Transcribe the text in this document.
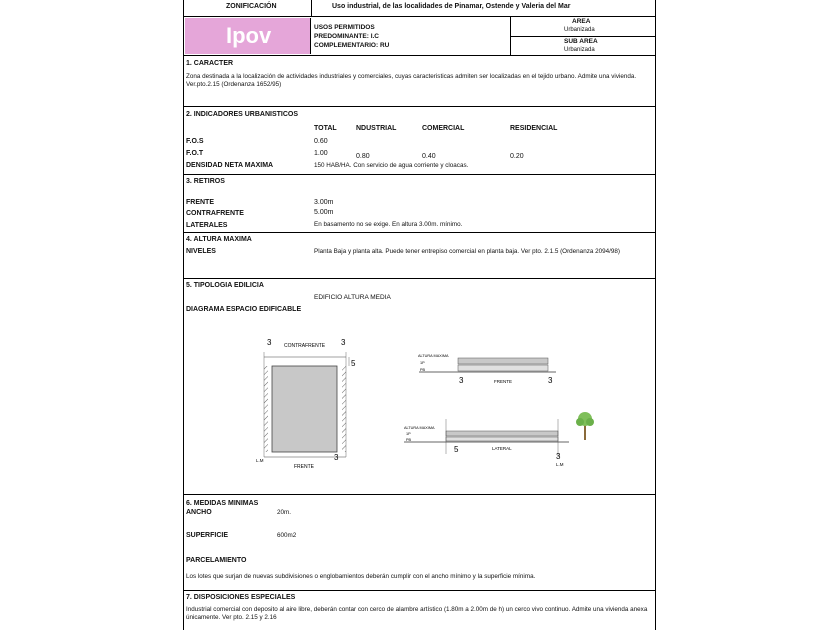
ZONIFICACIÓN	Uso industrial, de las localidades de Pinamar, Ostende y Valeria del Mar
Ipov	USOS PERMITIDOS
PREDOMINANTE: I.C
COMPLEMENTARIO: RU
AREA
Urbanizada
SUB AREA
Urbanizada
1. CARACTER
Zona destinada a la localización de actividades industriales y comerciales, cuyas caracteristicas admiten ser localizadas en el tejido urbano. Admite una vivienda. Ver.pto.2.15 (Ordenanza 1652/95)
2. INDICADORES URBANISTICOS
TOTAL	NDUSTRIAL	COMERCIAL	RESIDENCIAL
F.O.S	0.60
F.O.T	1.00	0.80	0.40	0.20
DENSIDAD NETA MAXIMA	150 HAB/HA. Con servicio de agua corriente y cloacas.
3. RETIROS
FRENTE	3.00m
CONTRAFRENTE	5.00m
LATERALES	En basamento no se exige. En altura 3.00m. mínimo.
4. ALTURA MAXIMA
NIVELES	Planta Baja y planta alta. Puede tener entrepiso comercial en planta baja. Ver pto. 2.1.5 (Ordenanza 2094/98)
5. TIPOLOGIA EDILICIA
EDIFICIO ALTURA MEDIA
DIAGRAMA ESPACIO EDIFICABLE
CONTRAFRENTE
FRENTE
L.M
3	3
5
3
ALTURA MAXIMA
1P
PB
FRENTE
3	3
ALTURA MAXIMA
1P
PB
LATERAL
5
3
L.M
6. MEDIDAS MINIMAS
ANCHO	20m.
SUPERFICIE	600m2
PARCELAMIENTO
Los lotes que surjan de nuevas subdivisiones o englobamientos deberán cumplir con el ancho mínimo y la superficie mínima.
7. DISPOSICIONES ESPECIALES
Industrial comercial con deposito al aire libre, deberán contar con cerco de alambre artístico (1.80m a 2.00m de h) un cerco vivo continuo. Admite una vivienda anexa únicamente. Ver pto. 2.15 y 2.16
